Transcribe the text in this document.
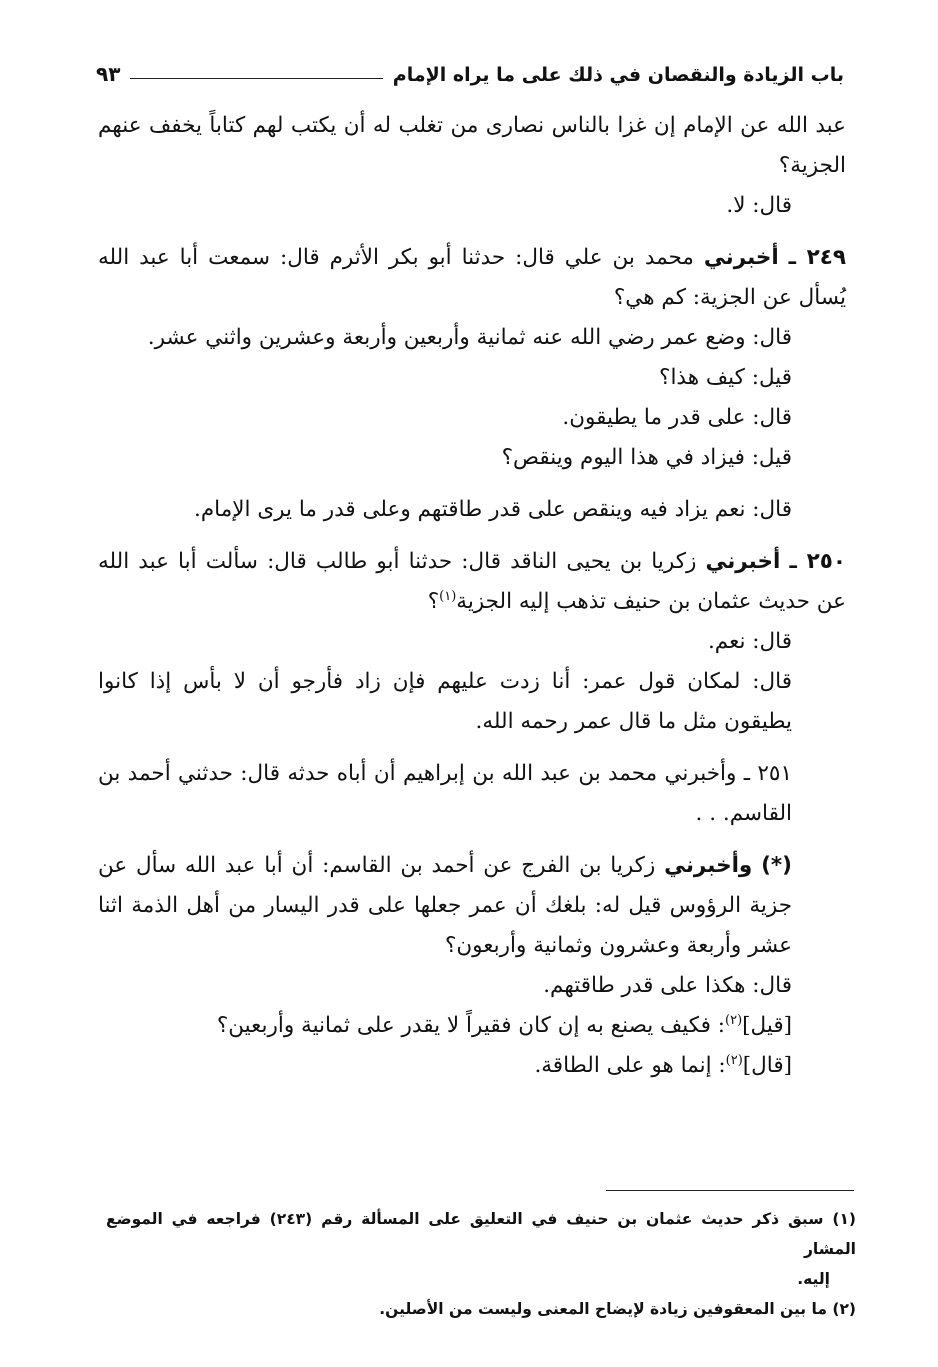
باب الزيادة والنقصان في ذلك على ما يراه الإمام
٩٣

عبد الله عن الإمام إن غزا بالناس نصارى من تغلب له أن يكتب لهم كتاباً يخفف عنهم الجزية؟

قال: لا.

٢٤٩ ـ أخبرني محمد بن علي قال: حدثنا أبو بكر الأثرم قال: سمعت أبا عبد الله يُسأل عن الجزية: كم هي؟

قال: وضع عمر رضي الله عنه ثمانية وأربعين وأربعة وعشرين واثني عشر.

قيل: كيف هذا؟

قال: على قدر ما يطيقون.

قيل: فيزاد في هذا اليوم وينقص؟

قال: نعم يزاد فيه وينقص على قدر طاقتهم وعلى قدر ما يرى الإمام.

٢٥٠ ـ أخبرني زكريا بن يحيى الناقد قال: حدثنا أبو طالب قال: سألت أبا عبد الله عن حديث عثمان بن حنيف تذهب إليه الجزية$^{(١)}$؟

قال: نعم.

قال: لمكان قول عمر: أنا زدت عليهم فإن زاد فأرجو أن لا بأس إذا كانوا يطيقون مثل ما قال عمر رحمه الله.

٢٥١ ـ وأخبرني محمد بن عبد الله بن إبراهيم أن أباه حدثه قال: حدثني أحمد بن القاسم. . .

(*) وأخبرني زكريا بن الفرج عن أحمد بن القاسم: أن أبا عبد الله سأل عن جزية الرؤوس قيل له: بلغك أن عمر جعلها على قدر اليسار من أهل الذمة اثنا عشر وأربعة وعشرون وثمانية وأربعون؟

قال: هكذا على قدر طاقتهم.

[قيل]$^{(٢)}$: فكيف يصنع به إن كان فقيراً لا يقدر على ثمانية وأربعين؟

[قال]$^{(٢)}$: إنما هو على الطاقة.

(١) سبق ذكر حديث عثمان بن حنيف في التعليق على المسألة رقم (٢٤٣) فراجعه في الموضع المشار

إليه.

(٢) ما بين المعقوفين زيادة لإيضاح المعنى وليست من الأصلين.
